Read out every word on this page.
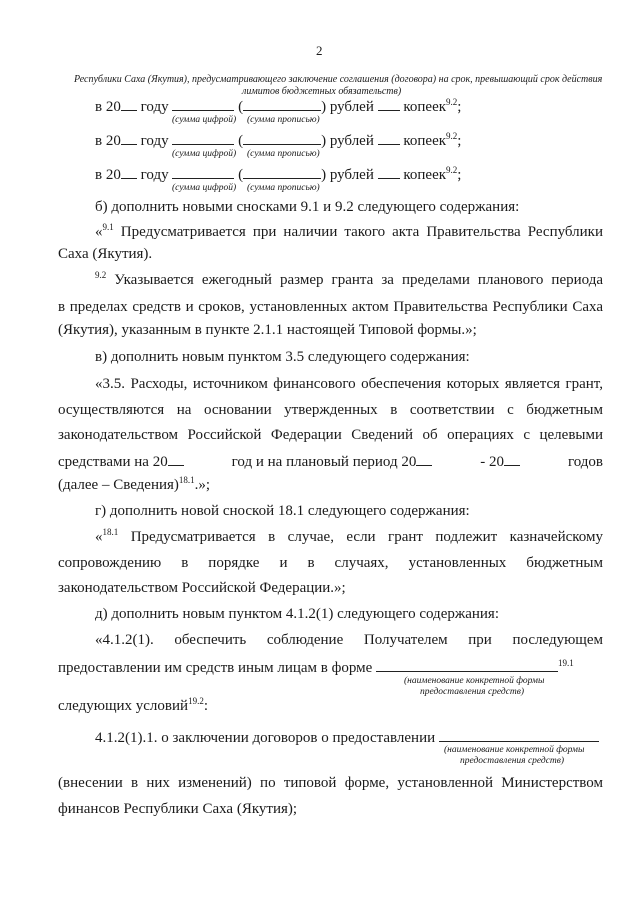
2
Республики Саха (Якутия), предусматривающего заключение соглашения (договора) на срок, превышающий срок действия
лимитов бюджетных обязательств)
в 20 году	(	) рублей копеек$^{9.2}$;
(сумма цифрой) (сумма прописью)
в 20 году	(	) рублей копеек$^{9.2}$;
(сумма цифрой) (сумма прописью)
в 20 году	(	) рублей копеек$^{9.2}$;
(сумма цифрой) (сумма прописью)
б) дополнить новыми сносками 9.1 и 9.2 следующего содержания:
«$^{9.1}$ Предусматривается при наличии такого акта Правительства Республики
Саха (Якутия).
$^{9.2}$ Указывается ежегодный размер гранта за пределами планового периода
в пределах средств и сроков, установленных актом Правительства Республики Саха
(Якутия), указанным в пункте 2.1.1 настоящей Типовой формы.»;
в) дополнить новым пунктом 3.5 следующего содержания:
«3.5. Расходы, источником финансового обеспечения которых является грант,
осуществляются на основании утвержденных в соответствии с бюджетным
законодательством Российской Федерации Сведений об операциях с целевыми
средствами на 20	год и на плановый период 20	- 20	годов
(далее – Сведения)$^{18.1}$.»;
г) дополнить новой сноской 18.1 следующего содержания:
«$^{18.1}$ Предусматривается в случае, если грант подлежит казначейскому
сопровождению в порядке и в случаях, установленных бюджетным
законодательством Российской Федерации.»;
д) дополнить новым пунктом 4.1.2(1) следующего содержания:
«4.1.2(1). обеспечить соблюдение Получателем при последующем
предоставлении им средств иным лицам в форме	$^{19.1}$
(наименование конкретной формы
предоставления средств)
следующих условий$^{19.2}$:
4.1.2(1).1. о заключении договоров о предоставлении
(наименование конкретной формы
предоставления средств)
(внесении в них изменений) по типовой форме, установленной Министерством
финансов Республики Саха (Якутия);
